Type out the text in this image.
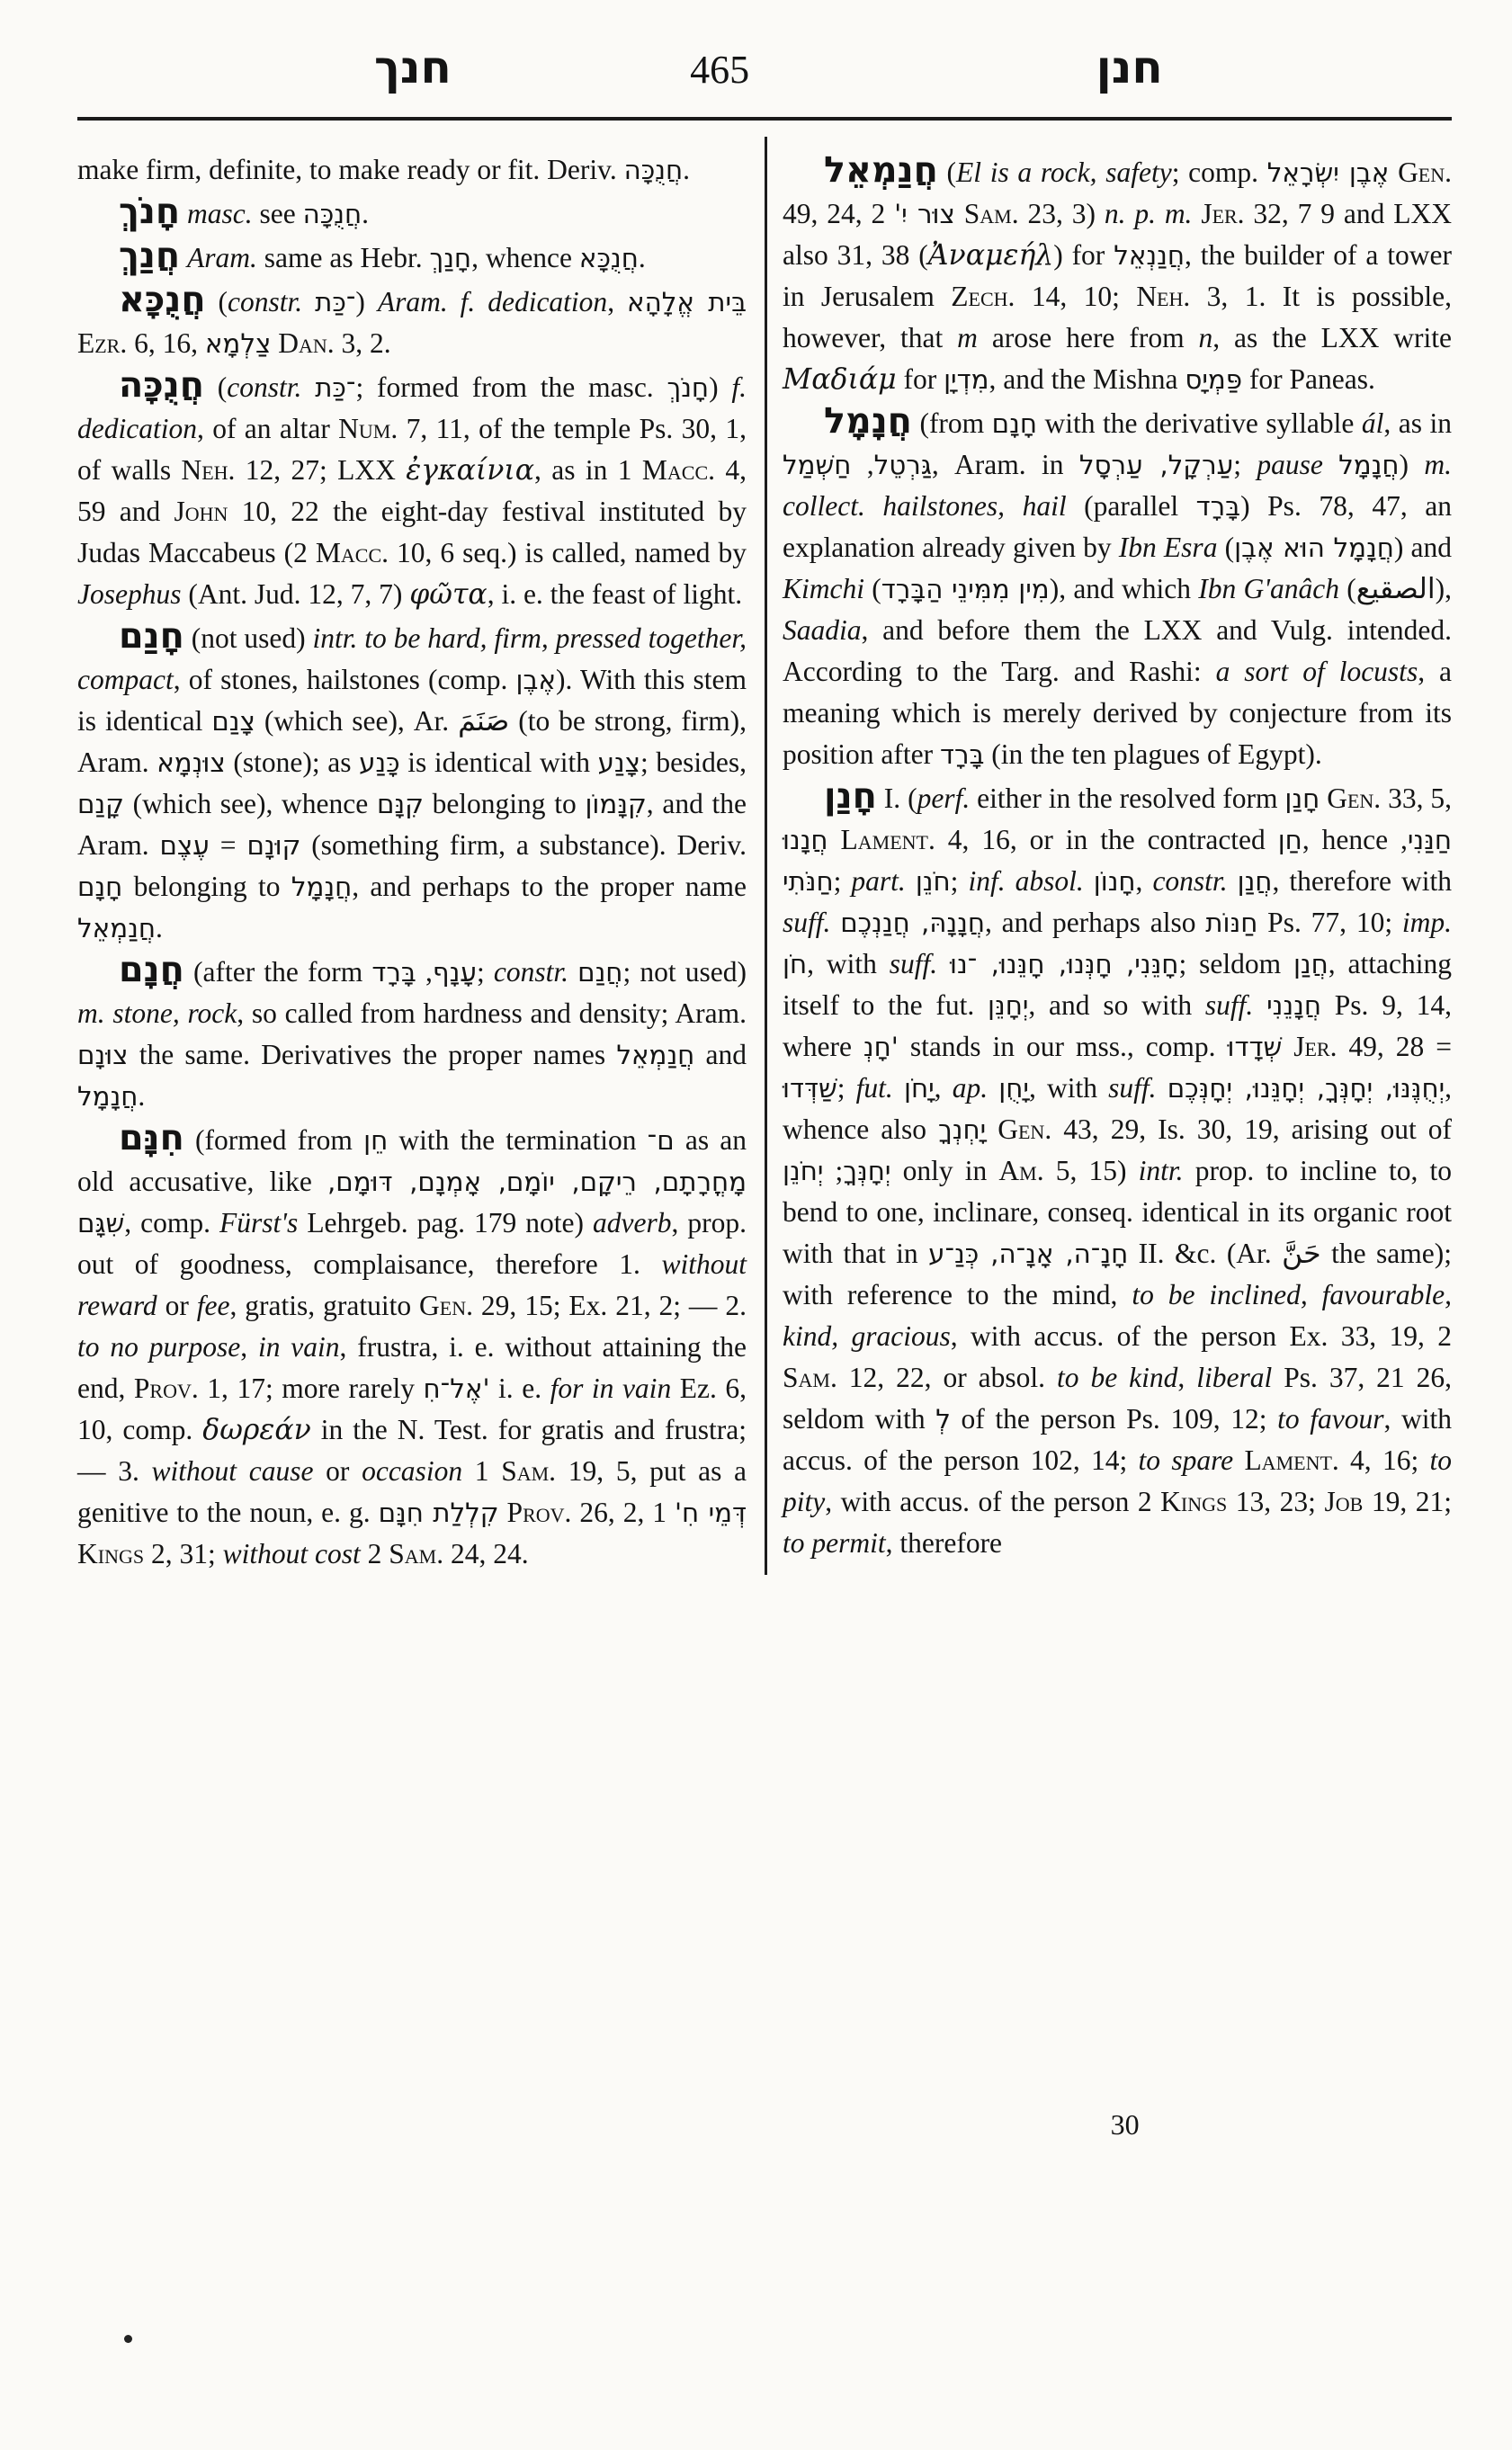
חנך	465	חנן

make firm, definite, to make ready or fit. Deriv. חֲנֻכָּה.

חָנֹךְ masc. see חֲנֻכָּה.

חֲנַךְ Aram. same as Hebr. חָנַךְ, whence חֲנֻכָּא.

חֲנֻכָּא (constr. ־כַּת) Aram. f. dedication, בֵּית אֱלָהָא Ezr. 6, 16, צַלְמָא Dan. 3, 2.

חֲנֻכָּה (constr. ־כַּת; formed from the masc. חָנֹךְ) f. dedication, of an altar Num. 7, 11, of the temple Ps. 30, 1, of walls Neh. 12, 27; LXX ἐγκαίνια, as in 1 Macc. 4, 59 and John 10, 22 the eight-day festival instituted by Judas Maccabeus (2 Macc. 10, 6 seq.) is called, named by Josephus (Ant. Jud. 12, 7, 7) φῶτα, i. e. the feast of light.

חָנַם (not used) intr. to be hard, firm, pressed together, compact, of stones, hailstones (comp. אֶבֶן). With this stem is identical צָנַם (which see), Ar. صَنَمَ (to be strong, firm), Aram. צוּנְמָא (stone); as כָּנַע is identical with צָנַע; besides, קָנַם (which see), whence קִנָּם belonging to קִנָּמוֹן, and the Aram.	קוּנָם = עֶצֶם	(something firm, a substance). Deriv. חָנָם belonging to חֲנָמָל, and perhaps to the proper name חֲנַמְאֵל.

חֲנָם (after the form עָנָף, בָּרָד ; constr. חֲנַם; not used) m. stone, rock, so called from hardness and density; Aram. צוּנָם the same. Derivatives the proper names חֲנַמְאֵל and חֲנָמָל.

חִנָּם (formed from חֵן with the termination ם־ as an old accusative, like מָחֳרָתָם, רֵיקָם, יוֹמָם, אָמְנָם, דּוּמָם, שִׁגָּם, comp. Fürst's Lehrgeb. pag. 179 note) adverb, prop. out of goodness, complaisance, therefore 1. without reward or fee, gratis, gratuito Gen. 29, 15; Ex. 21, 2; — 2. to no purpose, in vain, frustra, i. e. without attaining the end, Prov. 1, 17; more rarely אֶל־חִ' i. e. for in vain Ez. 6, 10, comp. δωρεάν in the N. Test. for gratis and frustra; — 3. without cause or occasion 1 Sam. 19, 5, put as a genitive to the noun, e. g. קִלְלַת חִנָּם Prov. 26, 2, דְּמֵי חִ' 1 Kings 2, 31; without cost 2 Sam. 24, 24.

חֲנַמְאֵל (El is a rock, safety; comp. אֶבֶן יִשְׂרָאֵל Gen. 49, 24, צוּר יִ' 2 Sam. 23, 3) n. p. m. Jer. 32, 7 9 and LXX also 31, 38 (Ἀναμεήλ) for חֲנַנְאֵל, the builder of a tower in Jerusalem Zech. 14, 10; Neh. 3, 1. It is possible, however, that m arose here from n, as the LXX write Μαδιάμ for מִדְיָן, and the Mishna פַּמְיָס for Paneas.

חֲנָמָל (from חָנָם with the derivative syllable ál, as in גַּרְטֵל, חַשְׁמַל	, Aram. in עַרְקָל, עַרְסָל; pause חֲנָמָל) m. collect. hailstones, hail (parallel בָּרָד) Ps. 78, 47, an explanation already given by Ibn Esra (חֲנָמָל הוּא אֶבֶן) and Kimchi (מִין מִמִּינֵי הַבָּרָד), and which Ibn G'anâch (الصقيع), Saadia, and before them the LXX and Vulg. intended. According to the Targ. and Rashi: a sort of locusts, a meaning which is merely derived by conjecture from its position after בָּרָד (in the ten plagues of Egypt).

חָנַן I. (perf. either in the resolved form חָנַן Gen. 33, 5, חֲנָנוּ Lament. 4, 16, or in the contracted חַן, hence חַנַּנִי, חַנֹּתִי; part. חֹנֵן; inf. absol. חָנוֹן, constr. חֲנַן, therefore with suff. חֲנָנָהּ, חֲנַנְכֶם, and perhaps also חַנּוֹת Ps. 77, 10; imp. חֹן, with suff. חָנֵּנִי, חָנְּנוּ, חָנֵּנוּ, ־נוּ; seldom חֲנַן, attaching itself to the fut. יְחָנֵּן, and so with suff. חֲנָנֵנִי Ps. 9, 14, where חָנְ' stands in our mss., comp. שְׁדָדוּ Jer. 49, 28 = שַׁדְּדוּ; fut. יָחֹן, ap. יָחֻן, with suff. יְחֻנֶּנּוּ, יְחָנְּךָ, יְחָנֵּנוּ, יְחָנְּכֶם, whence also יָחְנְךָ Gen. 43, 29, Is. 30, 19, arising out of יְחָנְּךָ; יְחֹנֵן only in Am. 5, 15) intr. prop. to incline to, to bend to one, inclinare, conseq. identical in its organic root with that in חָנָ־ה, אָנָ־ה, כְּנַ־ע II. &c. (Ar. حَنَّ the same); with reference to the mind, to be inclined, favourable, kind, gracious, with accus. of the person Ex. 33, 19, 2 Sam. 12, 22, or absol. to be kind, liberal Ps. 37, 21 26, seldom with לְ of the person Ps. 109, 12; to favour, with accus. of the person 102, 14; to spare Lament. 4, 16; to pity, with accus. of the person 2 Kings 13, 23; Job 19, 21; to permit, therefore

30
